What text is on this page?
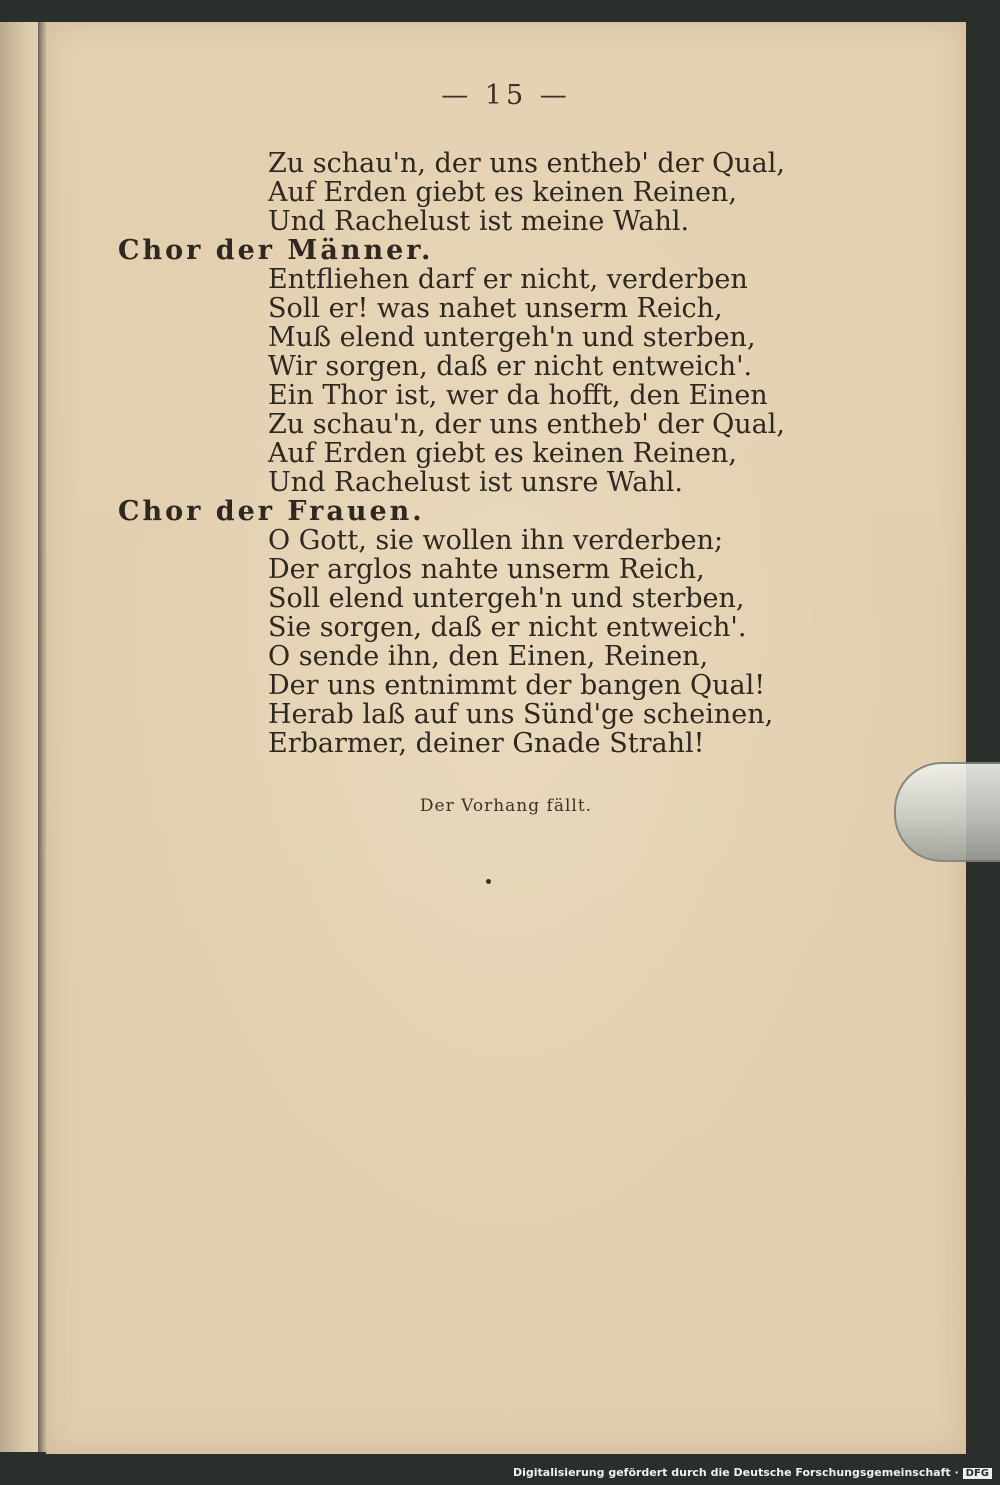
— 15 —
Zu schau'n, der uns entheb' der Qual,
Auf Erden giebt es keinen Reinen,
Und Rachelust ist meine Wahl.
Chor der Männer.
Entfliehen darf er nicht, verderben
Soll er! was nahet unserm Reich,
Muß elend untergeh'n und sterben,
Wir sorgen, daß er nicht entweich'.
Ein Thor ist, wer da hofft, den Einen
Zu schau'n, der uns entheb' der Qual,
Auf Erden giebt es keinen Reinen,
Und Rachelust ist unsre Wahl.
Chor der Frauen.
O Gott, sie wollen ihn verderben;
Der arglos nahte unserm Reich,
Soll elend untergeh'n und sterben,
Sie sorgen, daß er nicht entweich'.
O sende ihn, den Einen, Reinen,
Der uns entnimmt der bangen Qual!
Herab laß auf uns Sünd'ge scheinen,
Erbarmer, deiner Gnade Strahl!
Der Vorhang fällt.
Digitalisierung gefördert durch die Deutsche Forschungsgemeinschaft · DFG
